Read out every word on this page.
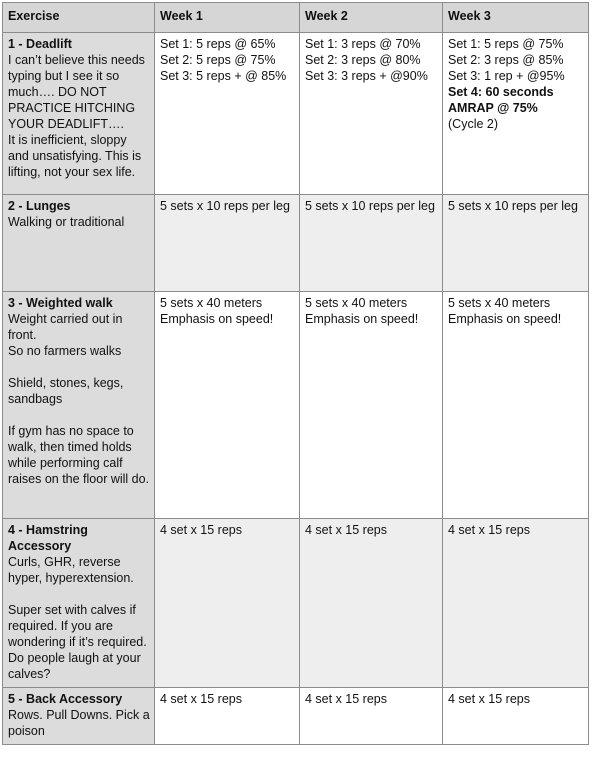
Exercise	Week 1	Week 2	Week 3

1 - Deadlift
I can’t believe this needs typing but I see it so much…. DO NOT PRACTICE HITCHING YOUR DEADLIFT….
It is inefficient, sloppy and unsatisfying. This is lifting, not your sex life.	Set 1: 5 reps @ 65%
Set 2: 5 reps @ 75%
Set 3: 5 reps + @ 85%	Set 1: 3 reps @ 70%
Set 2: 3 reps @ 80%
Set 3: 3 reps + @90%	Set 1: 5 reps @ 75%
Set 2: 3 reps @ 85%
Set 3: 1 rep + @95%
Set 4: 60 seconds AMRAP @ 75%
(Cycle 2)

2 - Lunges
Walking or traditional	5 sets x 10 reps per leg	5 sets x 10 reps per leg	5 sets x 10 reps per leg

3 - Weighted walk
Weight carried out in front.
So no farmers walks
Shield, stones, kegs, sandbags
If gym has no space to walk, then timed holds while performing calf raises on the floor will do.	5 sets x 40 meters
Emphasis on speed!	5 sets x 40 meters
Emphasis on speed!	5 sets x 40 meters
Emphasis on speed!

4 - Hamstring Accessory
Curls, GHR, reverse hyper, hyperextension.
Super set with calves if required. If you are wondering if it’s required. Do people laugh at your calves?	4 set x 15 reps	4 set x 15 reps	4 set x 15 reps

5 - Back Accessory
Rows. Pull Downs. Pick a poison	4 set x 15 reps	4 set x 15 reps	4 set x 15 reps
